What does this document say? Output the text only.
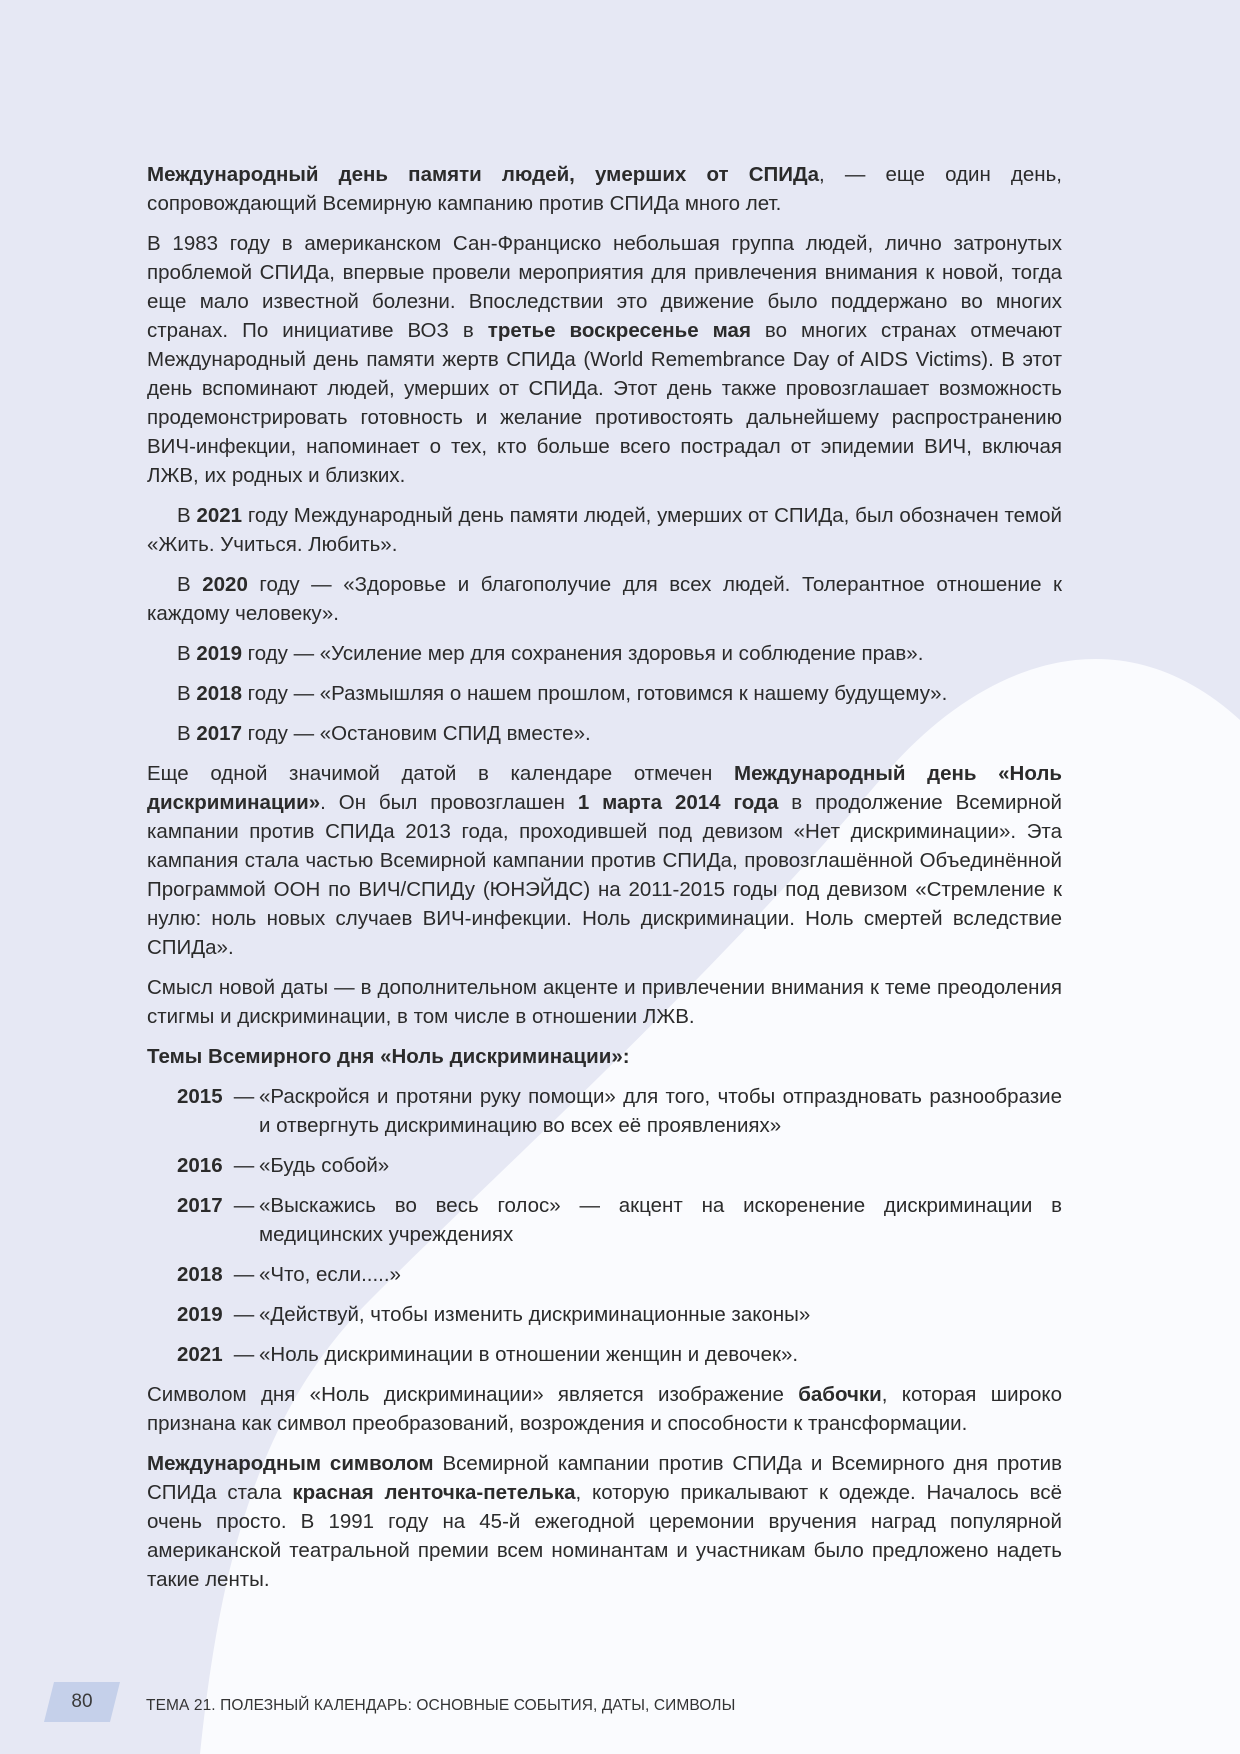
Международный день памяти людей, умерших от СПИДа, — еще один день, сопровождающий Всемирную кампанию против СПИДа много лет.

В 1983 году в американском Сан-Франциско небольшая группа людей, лично затронутых проблемой СПИДа, впервые провели мероприятия для привлечения внимания к новой, тогда еще мало известной болезни. Впоследствии это движение было поддержано во многих странах. По инициативе ВОЗ в третье воскресенье мая во многих странах отмечают Международный день памяти жертв СПИДа (World Remembrance Day of AIDS Victims). В этот день вспоминают людей, умерших от СПИДа. Этот день также провозглашает возможность продемонстрировать готовность и желание противостоять дальнейшему распространению ВИЧ-инфекции, напоминает о тех, кто больше всего пострадал от эпидемии ВИЧ, включая ЛЖВ, их родных и близких.

В 2021 году Международный день памяти людей, умерших от СПИДа, был обозначен темой «Жить. Учиться. Любить».

В 2020 году — «Здоровье и благополучие для всех людей. Толерантное отношение к каждому человеку».

В 2019 году — «Усиление мер для сохранения здоровья и соблюдение прав».

В 2018 году — «Размышляя о нашем прошлом, готовимся к нашему будущему».

В 2017 году — «Остановим СПИД вместе».

Еще одной значимой датой в календаре отмечен Международный день «Ноль дискриминации». Он был провозглашен 1 марта 2014 года в продолжение Всемирной кампании против СПИДа 2013 года, проходившей под девизом «Нет дискриминации». Эта кампания стала частью Всемирной кампании против СПИДа, провозглашённой Объединённой Программой ООН по ВИЧ/СПИДу (ЮНЭЙДС) на 2011-2015 годы под девизом «Стремление к нулю: ноль новых случаев ВИЧ-инфекции. Ноль дискриминации. Ноль смертей вследствие СПИДа».

Смысл новой даты — в дополнительном акценте и привлечении внимания к теме преодоления стигмы и дискриминации, в том числе в отношении ЛЖВ.

Темы Всемирного дня «Ноль дискриминации»:
2015 — «Раскройся и протяни руку помощи» для того, чтобы отпраздновать разнообразие и отвергнуть дискриминацию во всех её проявлениях»
2016 — «Будь собой»
2017 — «Выскажись во весь голос» — акцент на искоренение дискриминации в медицинских учреждениях
2018 — «Что, если.....»
2019 — «Действуй, чтобы изменить дискриминационные законы»
2021 — «Ноль дискриминации в отношении женщин и девочек».

Символом дня «Ноль дискриминации» является изображение бабочки, которая широко признана как символ преобразований, возрождения и способности к трансформации.

Международным символом Всемирной кампании против СПИДа и Всемирного дня против СПИДа стала красная ленточка-петелька, которую прикалывают к одежде. Началось всё очень просто. В 1991 году на 45-й ежегодной церемонии вручения наград популярной американской театральной премии всем номинантам и участникам было предложено надеть такие ленты.

80	ТЕМА 21. ПОЛЕЗНЫЙ КАЛЕНДАРЬ: ОСНОВНЫЕ СОБЫТИЯ, ДАТЫ, СИМВОЛЫ
